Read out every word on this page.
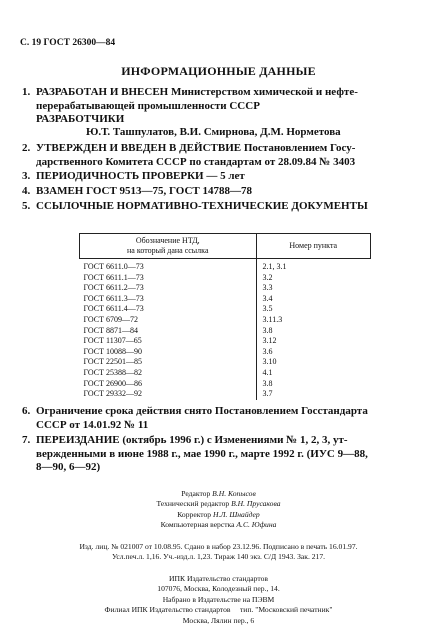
С. 19 ГОСТ 26300—84
ИНФОРМАЦИОННЫЕ ДАННЫЕ
1. РАЗРАБОТАН И ВНЕСЕН Министерством химической и нефте-
перерабатывающей промышленности СССР
РАЗРАБОТЧИКИ
Ю.Т. Ташпулатов, В.И. Смирнова, Д.М. Норметова
2. УТВЕРЖДЕН И ВВЕДЕН В ДЕЙСТВИЕ Постановлением Госу-
дарственного Комитета СССР по стандартам от 28.09.84 № 3403
3. ПЕРИОДИЧНОСТЬ ПРОВЕРКИ — 5 лет
4. ВЗАМЕН ГОСТ 9513—75, ГОСТ 14788—78
5. ССЫЛОЧНЫЕ НОРМАТИВНО-ТЕХНИЧЕСКИЕ ДОКУМЕНТЫ
Обозначение НТД,
на который дана ссылка	Номер пункта
ГОСТ 6611.0—73	2.1, 3.1
ГОСТ 6611.1—73	3.2
ГОСТ 6611.2—73	3.3
ГОСТ 6611.3—73	3.4
ГОСТ 6611.4—73	3.5
ГОСТ 6709—72	3.11.3
ГОСТ 8871—84	3.8
ГОСТ 11307—65	3.12
ГОСТ 10088—90	3.6
ГОСТ 22501—85	3.10
ГОСТ 25388—82	4.1
ГОСТ 26900—86	3.8
ГОСТ 29332—92	3.7
6. Ограничение срока действия снято Постановлением Госстандарта
СССР от 14.01.92 № 11
7. ПЕРЕИЗДАНИЕ (октябрь 1996 г.) с Изменениями № 1, 2, 3, ут-
вержденными в июне 1988 г., мае 1990 г., марте 1992 г. (ИУС 9—88,
8—90, 6—92)
Редактор В.Н. Копысов
Технический редактор В.Н. Прусакова
Корректор Н.Л. Шнайдер
Компьютерная верстка А.С. Юфина
Изд. лиц. № 021007 от 10.08.95. Сдано в набор 23.12.96. Подписано в печать 16.01.97.
Усл.печ.л. 1,16. Уч.-изд.л. 1,23. Тираж 140 экз. С/Д 1943. Зак. 217.
ИПК Издательство стандартов
107076, Москва, Колодезный пер., 14.
Набрано в Издательстве на ПЭВМ
Филиал ИПК Издательство стандартов     тип. "Московский печатник"
Москва, Лялин пер., 6
